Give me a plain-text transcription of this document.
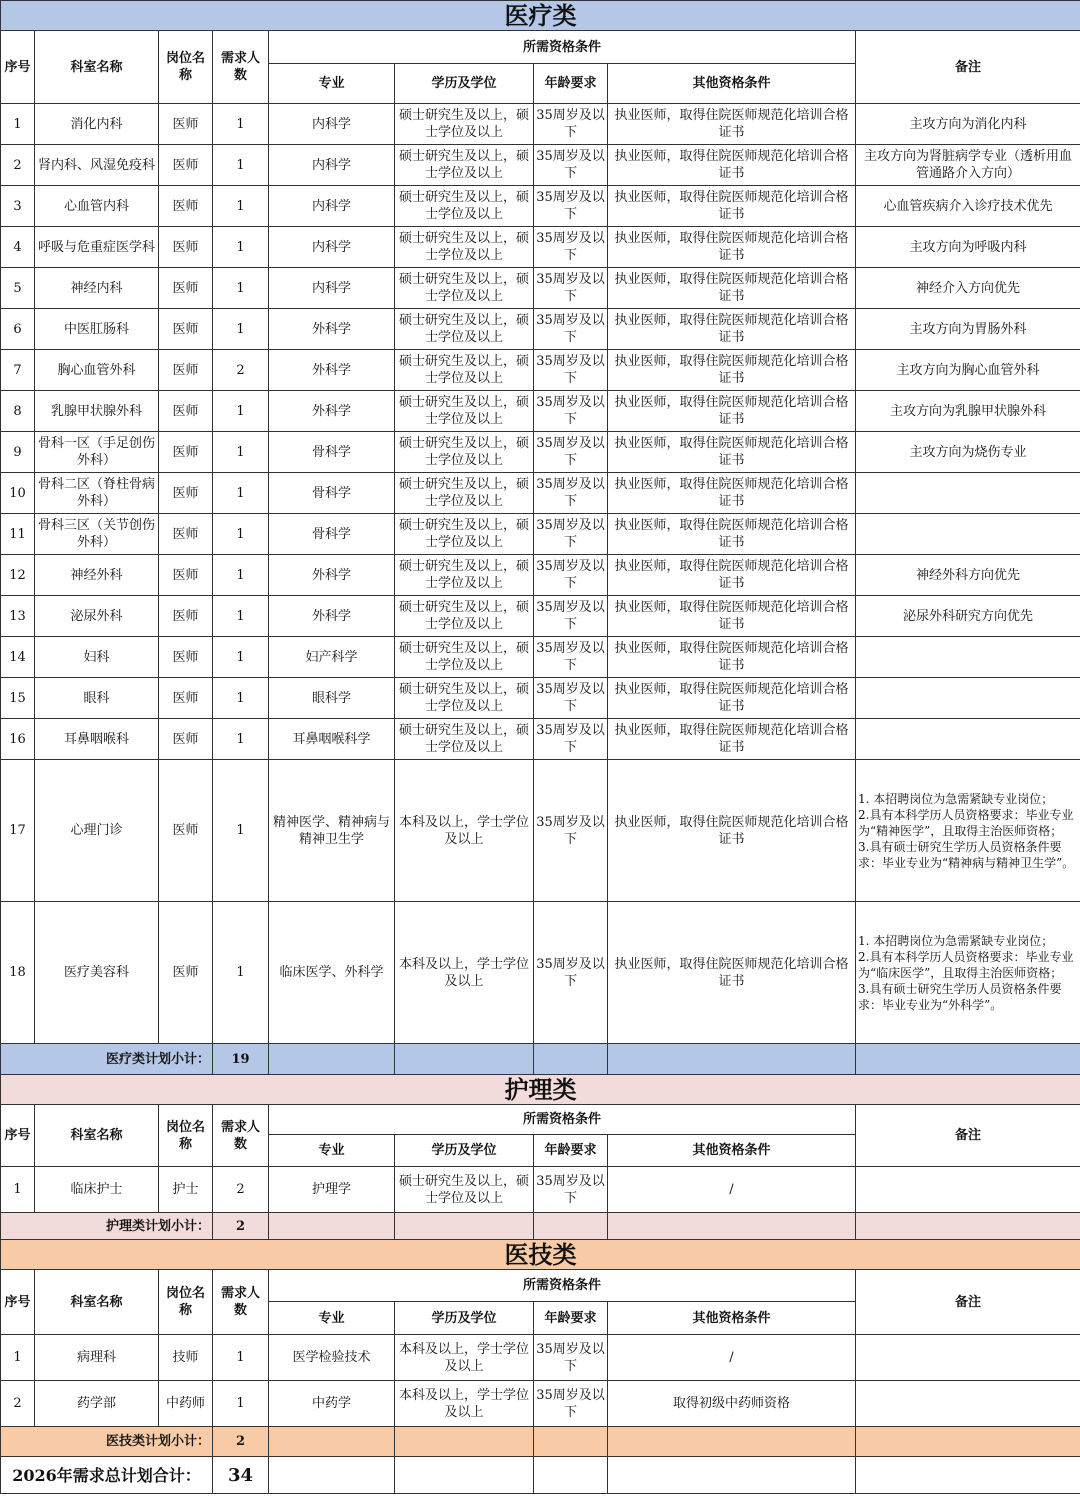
医疗类								
序号	科室名称	岗位名称	需求人数	所需资格条件				备注
				专业	学历及学位	年龄要求	其他资格条件	
1	消化内科	医师	1	内科学	硕士研究生及以上，硕士学位及以上	35周岁及以下	执业医师，取得住院医师规范化培训合格证书	主攻方向为消化内科
2	肾内科、风湿免疫科	医师	1	内科学	硕士研究生及以上，硕士学位及以上	35周岁及以下	执业医师，取得住院医师规范化培训合格证书	主攻方向为肾脏病学专业（透析用血管通路介入方向）
3	心血管内科	医师	1	内科学	硕士研究生及以上，硕士学位及以上	35周岁及以下	执业医师，取得住院医师规范化培训合格证书	心血管疾病介入诊疗技术优先
4	呼吸与危重症医学科	医师	1	内科学	硕士研究生及以上，硕士学位及以上	35周岁及以下	执业医师，取得住院医师规范化培训合格证书	主攻方向为呼吸内科
5	神经内科	医师	1	内科学	硕士研究生及以上，硕士学位及以上	35周岁及以下	执业医师，取得住院医师规范化培训合格证书	神经介入方向优先
6	中医肛肠科	医师	1	外科学	硕士研究生及以上，硕士学位及以上	35周岁及以下	执业医师，取得住院医师规范化培训合格证书	主攻方向为胃肠外科
7	胸心血管外科	医师	2	外科学	硕士研究生及以上，硕士学位及以上	35周岁及以下	执业医师，取得住院医师规范化培训合格证书	主攻方向为胸心血管外科
8	乳腺甲状腺外科	医师	1	外科学	硕士研究生及以上，硕士学位及以上	35周岁及以下	执业医师，取得住院医师规范化培训合格证书	主攻方向为乳腺甲状腺外科
9	骨科一区（手足创伤外科）	医师	1	骨科学	硕士研究生及以上，硕士学位及以上	35周岁及以下	执业医师，取得住院医师规范化培训合格证书	主攻方向为烧伤专业
10	骨科二区（脊柱骨病外科）	医师	1	骨科学	硕士研究生及以上，硕士学位及以上	35周岁及以下	执业医师，取得住院医师规范化培训合格证书	
11	骨科三区（关节创伤外科）	医师	1	骨科学	硕士研究生及以上，硕士学位及以上	35周岁及以下	执业医师，取得住院医师规范化培训合格证书	
12	神经外科	医师	1	外科学	硕士研究生及以上，硕士学位及以上	35周岁及以下	执业医师，取得住院医师规范化培训合格证书	神经外科方向优先
13	泌尿外科	医师	1	外科学	硕士研究生及以上，硕士学位及以上	35周岁及以下	执业医师，取得住院医师规范化培训合格证书	泌尿外科研究方向优先
14	妇科	医师	1	妇产科学	硕士研究生及以上，硕士学位及以上	35周岁及以下	执业医师，取得住院医师规范化培训合格证书	
15	眼科	医师	1	眼科学	硕士研究生及以上，硕士学位及以上	35周岁及以下	执业医师，取得住院医师规范化培训合格证书	
16	耳鼻咽喉科	医师	1	耳鼻咽喉科学	硕士研究生及以上，硕士学位及以上	35周岁及以下	执业医师，取得住院医师规范化培训合格证书	
17	心理门诊	医师	1	精神医学、精神病与精神卫生学	本科及以上，学士学位及以上	35周岁及以下	执业医师，取得住院医师规范化培训合格证书	1. 本招聘岗位为急需紧缺专业岗位；
2.具有本科学历人员资格要求：毕业专业为“精神医学”，且取得主治医师资格；
3.具有硕士研究生学历人员资格条件要求：毕业专业为“精神病与精神卫生学”。
18	医疗美容科	医师	1	临床医学、外科学	本科及以上，学士学位及以上	35周岁及以下	执业医师，取得住院医师规范化培训合格证书	1. 本招聘岗位为急需紧缺专业岗位；
2.具有本科学历人员资格要求：毕业专业为“临床医学”，且取得主治医师资格；
3.具有硕士研究生学历人员资格条件要求：毕业专业为“外科学”。
医疗类计划小计：			19					
护理类								
序号	科室名称	岗位名称	需求人数	所需资格条件				备注
				专业	学历及学位	年龄要求	其他资格条件	
1	临床护士	护士	2	护理学	硕士研究生及以上，硕士学位及以上	35周岁及以下	/	
护理类计划小计：			2					
医技类								
序号	科室名称	岗位名称	需求人数	所需资格条件				备注
				专业	学历及学位	年龄要求	其他资格条件	
1	病理科	技师	1	医学检验技术	本科及以上，学士学位及以上	35周岁及以下	/	
2	药学部	中药师	1	中药学	本科及以上，学士学位及以上	35周岁及以下	取得初级中药师资格	
医技类计划小计：			2					
2026年需求总计划合计：			34					
